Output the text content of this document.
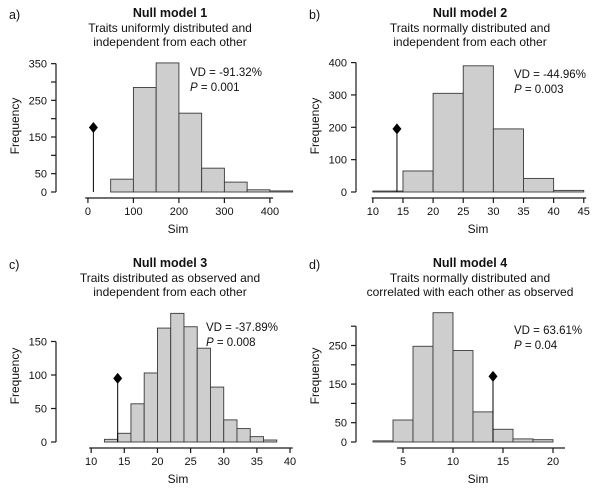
a)	Null model 1
Traits uniformly distributed and
independent from each other
0
50
150
250
350
0	100 200 300 400
Frequency
Sim
VD = -91.32%
P = 0.001
b)	Null model 2
Traits normally distributed and
independent from each other
0
100
200
300
400
10 15 20 25 30 35 40 45
Frequency
Sim
VD = -44.96%
P = 0.003
c)	Null model 3
Traits distributed as observed and
independent from each other
0
50
100
150
10 15 20 25 30 35 40
Frequency
Sim
VD = -37.89%
P = 0.008
d)	Null model 4
Traits normally distributed and
correlated with each other as observed
0
50
150
250
5	10	15	20
Frequency
Sim
VD = 63.61%
P = 0.04
